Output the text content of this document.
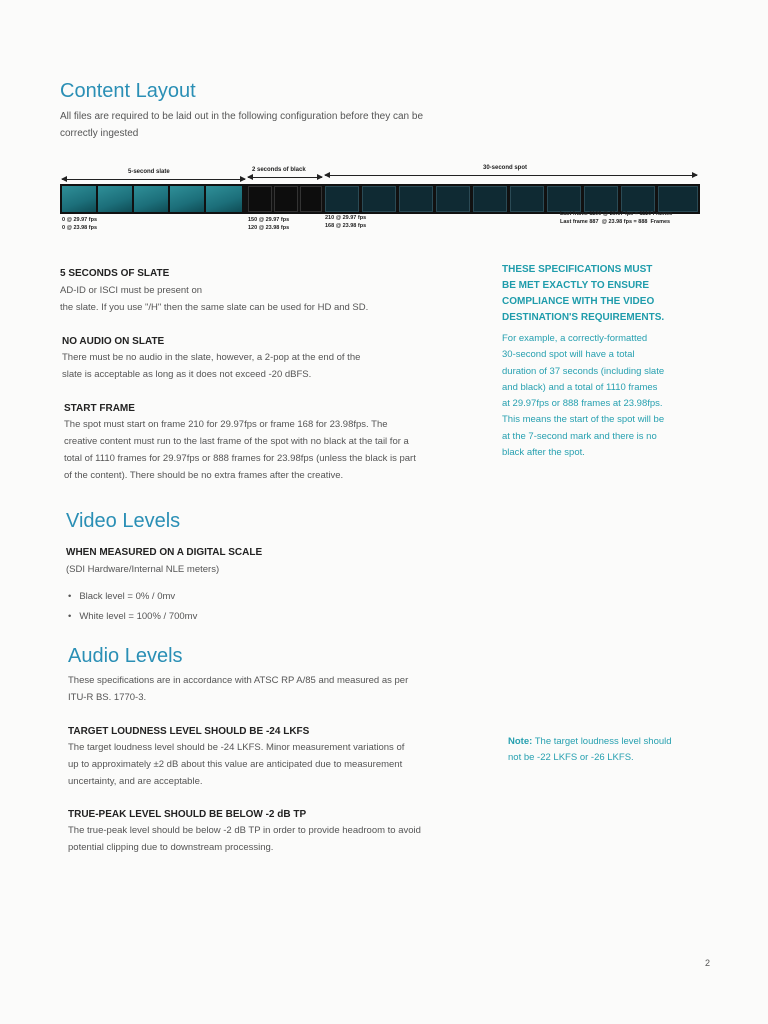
Content Layout
All files are required to be laid out in the following configuration before they can be
correctly ingested
5-second slate	2 seconds of black	30-second spot
0 @ 29.97 fps
0 @ 23.98 fps
150 @ 29.97 fps
120 @ 23.98 fps
210 @ 29.97 fps
168 @ 23.98 fps
Last frame 1109 @ 29.97 fps = 1110 Frames
Last frame 887  @ 23.98 fps = 888  Frames
5 SECONDS OF SLATE
AD-ID or ISCI must be present on
the slate. If you use "/H" then the same slate can be used for HD and SD.
NO AUDIO ON SLATE
There must be no audio in the slate, however, a 2-pop at the end of the
slate is acceptable as long as it does not exceed -20 dBFS.
START FRAME
The spot must start on frame 210 for 29.97fps or frame 168 for 23.98fps. The
creative content must run to the last frame of the spot with no black at the tail for a
total of 1110 frames for 29.97fps or 888 frames for 23.98fps (unless the black is part
of the content). There should be no extra frames after the creative.
THESE SPECIFICATIONS MUST
BE MET EXACTLY TO ENSURE
COMPLIANCE WITH THE VIDEO
DESTINATION'S REQUIREMENTS.
For example, a correctly-formatted
30-second spot will have a total
duration of 37 seconds (including slate
and black) and a total of 1110 frames
at 29.97fps or 888 frames at 23.98fps.
This means the start of the spot will be
at the 7-second mark and there is no
black after the spot.
Video Levels
WHEN MEASURED ON A DIGITAL SCALE
(SDI Hardware/Internal NLE meters)
• Black level = 0% / 0mv
• White level = 100% / 700mv
Audio Levels
These specifications are in accordance with ATSC RP A/85 and measured as per
ITU-R BS. 1770-3.
TARGET LOUDNESS LEVEL SHOULD BE -24 LKFS
The target loudness level should be -24 LKFS. Minor measurement variations of
up to approximately ±2 dB about this value are anticipated due to measurement
uncertainty, and are acceptable.
Note: The target loudness level should
not be -22 LKFS or -26 LKFS.
TRUE-PEAK LEVEL SHOULD BE BELOW -2 dB TP
The true-peak level should be below -2 dB TP in order to provide headroom to avoid
potential clipping due to downstream processing.
2
